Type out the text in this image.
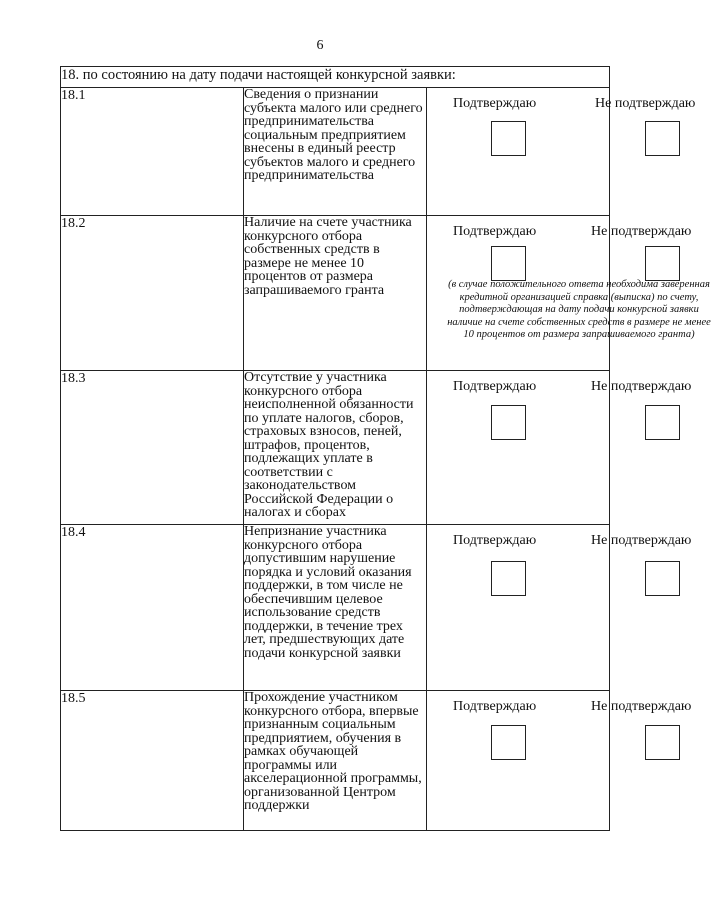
6
18. по состоянию на дату подачи настоящей конкурсной заявки:		
18.1	Сведения о признании субъекта малого или среднего предпринимательства социальным предприятием внесены в единый реестр субъектов малого и среднего предпринимательства	Подтверждаю Не подтверждаю

18.2	Наличие на счете участника конкурсного отбора собственных средств в размере не менее 10 процентов от размера запрашиваемого гранта	Подтверждаю Не подтверждаю
(в случае положительного ответа необходима заверенная кредитной организацией справка (выписка) по счету, подтверждающая на дату подачи конкурсной заявки наличие на счете собственных средств в размере не менее 10 процентов от размера запрашиваемого гранта)

18.3	Отсутствие у участника конкурсного отбора неисполненной обязанности по уплате налогов, сборов, страховых взносов, пеней, штрафов, процентов, подлежащих уплате в соответствии с законодательством Российской Федерации о налогах и сборах	Подтверждаю Не подтверждаю

18.4	Непризнание участника конкурсного отбора допустившим нарушение порядка и условий оказания поддержки, в том числе не обеспечившим целевое использование средств поддержки, в течение трех лет, предшествующих дате подачи конкурсной заявки	Подтверждаю Не подтверждаю

18.5	Прохождение участником конкурсного отбора, впервые признанным социальным предприятием, обучения в рамках обучающей программы или акселерационной программы, организованной Центром поддержки	Подтверждаю Не подтверждаю
